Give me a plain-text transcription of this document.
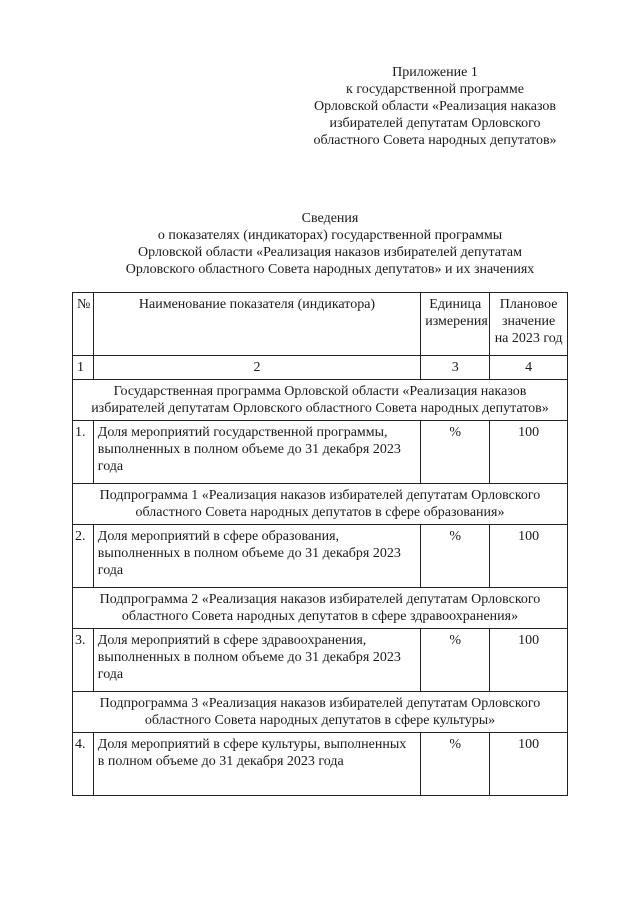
Приложение 1
к государственной программе
Орловской области «Реализация наказов
избирателей депутатам Орловского
областного Совета народных депутатов»
Сведения
о показателях (индикаторах) государственной программы
Орловской области «Реализация наказов избирателей депутатам
Орловского областного Совета народных депутатов» и их значениях
№	Наименование показателя (индикатора)	Единица измерения	Плановое значение на 2023 год
1	2	3	4
Государственная программа Орловской области «Реализация наказов избирателей депутатам Орловского областного Совета народных депутатов»			
1.	Доля мероприятий государственной программы, выполненных в полном объеме до 31 декабря 2023 года	%	100
Подпрограмма 1 «Реализация наказов избирателей депутатам Орловского областного Совета народных депутатов в сфере образования»			
2.	Доля мероприятий в сфере образования, выполненных в полном объеме до 31 декабря 2023 года	%	100
Подпрограмма 2 «Реализация наказов избирателей депутатам Орловского областного Совета народных депутатов в сфере здравоохранения»			
3.	Доля мероприятий в сфере здравоохранения, выполненных в полном объеме до 31 декабря 2023 года	%	100
Подпрограмма 3 «Реализация наказов избирателей депутатам Орловского областного Совета народных депутатов в сфере культуры»			
4.	Доля мероприятий в сфере культуры, выполненных в полном объеме до 31 декабря 2023 года	%	100
